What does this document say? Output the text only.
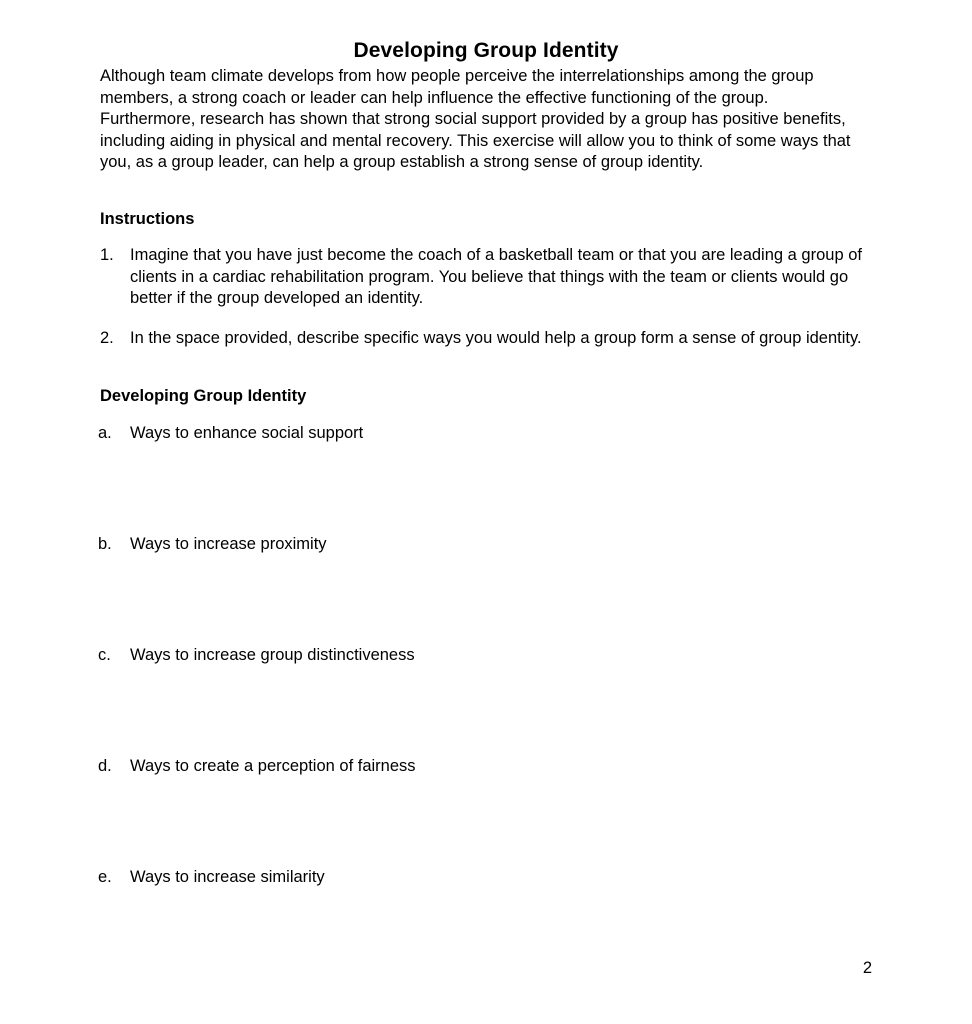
Developing Group Identity

Although team climate develops from how people perceive the interrelationships among the group members, a strong coach or leader can help influence the effective functioning of the group. Furthermore, research has shown that strong social support provided by a group has positive benefits, including aiding in physical and mental recovery. This exercise will allow you to think of some ways that you, as a group leader, can help a group establish a strong sense of group identity.

Instructions
1. Imagine that you have just become the coach of a basketball team or that you are leading a group of clients in a cardiac rehabilitation program. You believe that things with the team or clients would go better if the group developed an identity.
2. In the space provided, describe specific ways you would help a group form a sense of group identity.
Developing Group Identity
a.	Ways to enhance social support
b.	Ways to increase proximity
c.	Ways to increase group distinctiveness
d.	Ways to create a perception of fairness
e.	Ways to increase similarity
2
